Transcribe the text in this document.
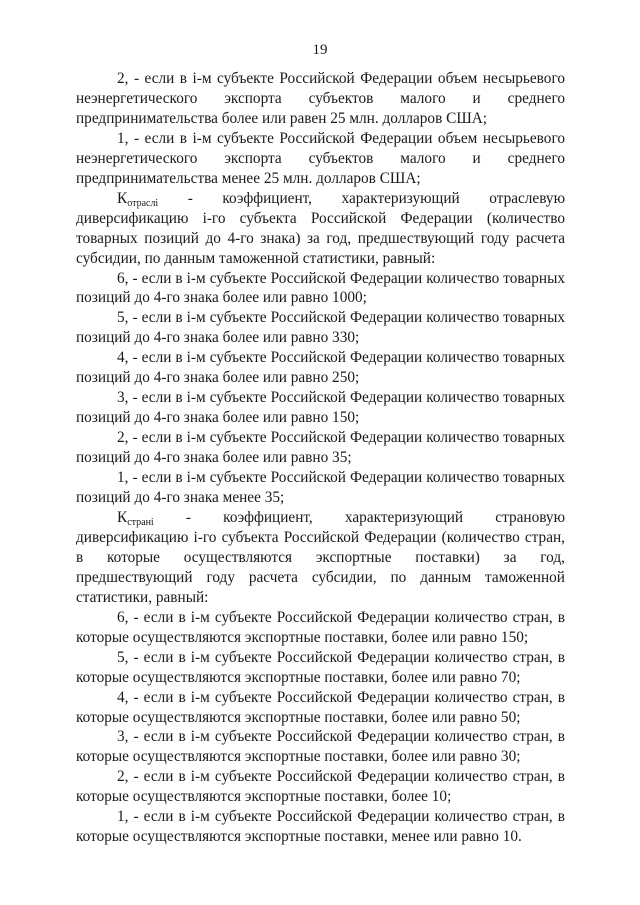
19

2, - если в i-м субъекте Российской Федерации объем несырьевого неэнергетического экспорта субъектов малого и среднего предпринимательства более или равен 25 млн. долларов США;

1, - если в i-м субъекте Российской Федерации объем несырьевого неэнергетического экспорта субъектов малого и среднего предпринимательства менее 25 млн. долларов США;

$К_{отраслi}$ - коэффициент, характеризующий отраслевую диверсификацию i-го субъекта Российской Федерации (количество товарных позиций до 4-го знака) за год, предшествующий году расчета субсидии, по данным таможенной статистики, равный:

6, - если в i-м субъекте Российской Федерации количество товарных позиций до 4-го знака более или равно 1000;

5, - если в i-м субъекте Российской Федерации количество товарных позиций до 4-го знака более или равно 330;

4, - если в i-м субъекте Российской Федерации количество товарных позиций до 4-го знака более или равно 250;

3, - если в i-м субъекте Российской Федерации количество товарных позиций до 4-го знака более или равно 150;

2, - если в i-м субъекте Российской Федерации количество товарных позиций до 4-го знака более или равно 35;

1, - если в i-м субъекте Российской Федерации количество товарных позиций до 4-го знака менее 35;

$К_{странi}$ - коэффициент, характеризующий страновую диверсификацию i-го субъекта Российской Федерации (количество стран, в которые осуществляются экспортные поставки) за год, предшествующий году расчета субсидии, по данным таможенной статистики, равный:

6, - если в i-м субъекте Российской Федерации количество стран, в которые осуществляются экспортные поставки, более или равно 150;

5, - если в i-м субъекте Российской Федерации количество стран, в которые осуществляются экспортные поставки, более или равно 70;

4, - если в i-м субъекте Российской Федерации количество стран, в которые осуществляются экспортные поставки, более или равно 50;

3, - если в i-м субъекте Российской Федерации количество стран, в которые осуществляются экспортные поставки, более или равно 30;

2, - если в i-м субъекте Российской Федерации количество стран, в которые осуществляются экспортные поставки, более 10;

1, - если в i-м субъекте Российской Федерации количество стран, в которые осуществляются экспортные поставки, менее или равно 10.
